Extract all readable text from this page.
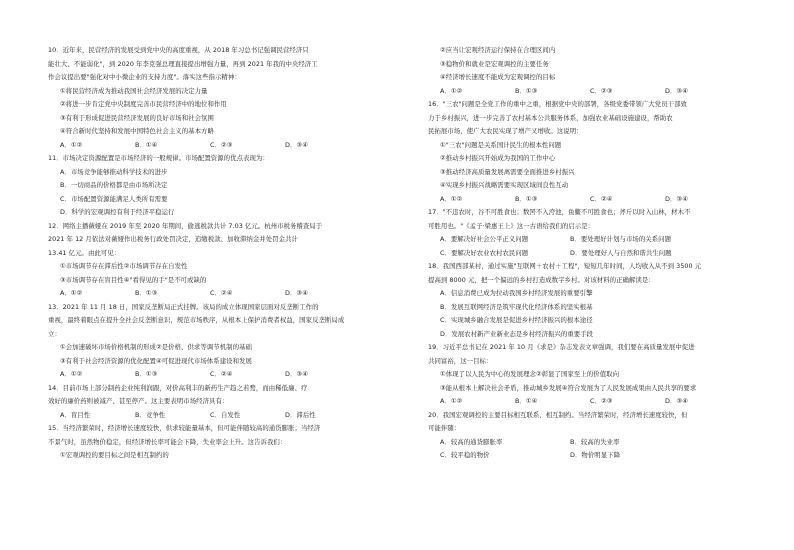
10．近年来，民营经济的发展受到党中央的高度重视，从 2018 年习总书记强调民营经济只
能壮大、不能弱化"，到 2020 年李克强总理直接提出增强力量，再到 2021 年我的中央经济工
作会议提出要"强化对中小微企业的支持力度"。落实这些指示精神：
①将民营经济成为推动我国社会经济发展的决定力量
②将进一步肯定党中央制度完善市民营经济中的地位和作用
③有利于形成促进民营经济发展的良好市场和社会氛围
④符合新时代坚持和发展中国特色社会主义的基本方略
A．①②	B．①④	C．②③	D．③④
11．市场决定资源配置是市场经济的一般规律。市场配置资源的优点表现为：
A．市场竞争能够推动科学技术的进步
B．一切商品的价格都是由市场所决定
C．市场配置资源能满足人类所有需要
D．科学的宏观调控有利于经济平稳运行
12．网络主播薇娅在 2019 年至 2020 年期间，偷逃税款共计 7.03 亿元。杭州市税务稽查局于
2021 年 12 月依法对薇娅作出税务行政处罚决定，追缴税款、加收滞纳金并处罚金共计
13.41 亿元。由此可见：
①市场调节存在滞后性②市场调节存在自发性
③市场调节存在盲目性④"看得见的手"是不可或缺的
A．①②	B．①③	C．②④	D．③④
13．2021 年 11 月 18 日，国家反垄断局正式挂牌。该局的成立体现国家层面对反垄断工作的
重视，最终着眼点在提升全社会反垄断意识，规范市场秩序，从根本上保护消费者权益，国家反垄断局成
立：
①会加速破坏市场价格机制的形成②是价格、供求等调节机制的基础
③有利于社会经济资源的优化配置④可促进现代市场体系建设和发展
A．①②	B．①③	C．②④	D．③④
14．目前市场上部分制药企业纯利润跟，对价高利丰的新药生产趋之若鹜，而由稀低廉、疗
效好的廉价药则被减产、甚至停产。这主要表明市场经济具有：
A．盲目性	B．竞争性	C．自发性	D．滞后性
15．当经济繁荣时，经济增长速度较快，供求较能量基本，但可能伴随较高的通货膨胀；当经济
不景气时，虽然物价稳定，但经济增长率可能会下降，失业率会上升。这告诉我们：
①宏观调控的要目标之间是相互制约的
②应当让宏观经济运行保持在合理区间内
③稳物价和就业是宏观调控的主要任务
④经济增长速度不能成为宏观调控的目标
A．①②	B．①③	C．②③	D．③④
16．"三农"问题是全党工作的重中之重，根据党中央的部署，各级党委带领广大党员干部致
力于乡村振兴，进一步完善了农村基本公共服务体系，加强农业基础设施建设，帮助农
民拓展市场，使广大农民实现了增产又增收。这说明：
①"三农"问题是关系国计民生的根本性问题
②推动乡村振兴开始成为我国的工作中心
③推动经济高质量发展离需要全面推进乡村振兴
④实现乡村振兴战略需要实现区域间良性互动
A．①②	B．①③	C．②④	D．③④
17．"不违农时，谷不可胜食也；数罟不入洿池，鱼鳖不可胜食也；斧斤以时入山林，材木不
可胜用也。"《孟子·梁惠王上》这一古语给我们的启示是：
A．要解决好社会公平正义问题	B．要处理好计划与市场的关系问题
C．要解决好农业农村农民问题	D．要处理好人与自然和谐共生问题
18．我国西部某村，通过实施"互联网＋农村＋工程"，短短几年时间，人均收入从不到 3500 元
提高到 8000 元，把一个偏远的乡村打造成数字乡村。对该材料的正确解读是：
A．信息消费已成为拉动我国乡村经济发展的重要引擎
B．发展互联网经济是筑牢现代化经济体系的坚实根基
C．实现城乡融合发展是促进乡村经济振兴的根本途径
D．发展农村新产业新业态是乡村经济振兴的重要手段
19．习近平总书记在 2021 年 10 月《求是》杂志发表文章强调，我们要在高质量发展中促进
共同富裕，这一目标：
①体现了以人民为中心的发展理念②彰显了国家至上的价值取向
③能从根本上解决社会矛盾，推动城乡发展④符合发展为了人民发展成果由人民共享的要求
A．①②	B．①④	C．②③	D．③④
20．我国宏观调控的主要目标相互联系、相互制约。当经济繁荣时，经济增长速度较快，但
可能伴随：
A．较高的通货膨胀率	B．较高的失业率
C．较平稳的物价	D．物价明显下降
